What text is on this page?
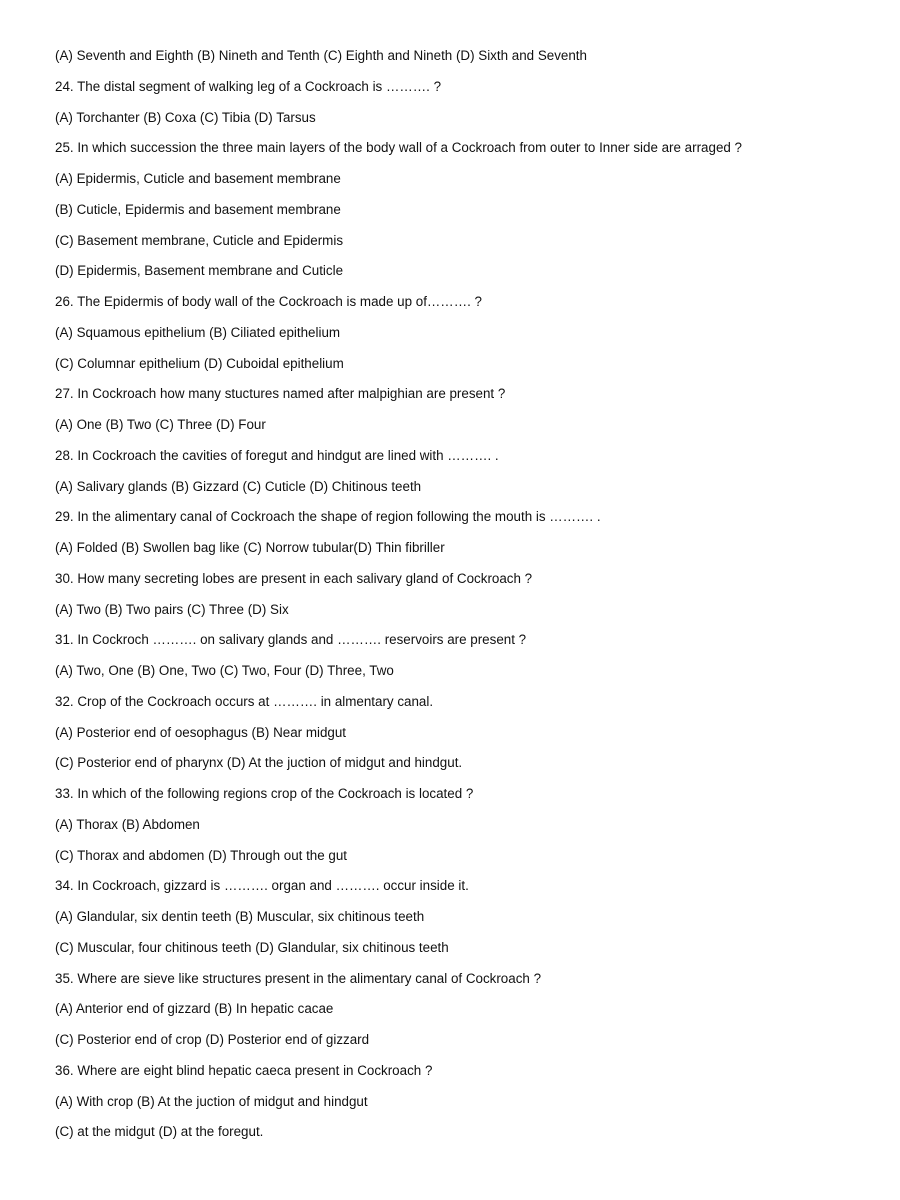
(A) Seventh and Eighth (B) Nineth and Tenth (C) Eighth and Nineth (D) Sixth and Seventh
24. The distal segment of walking leg of a Cockroach is ………. ?
(A) Torchanter (B) Coxa (C) Tibia (D) Tarsus
25. In which succession the three main layers of the body wall of a Cockroach from outer to Inner side are arraged ?
(A) Epidermis, Cuticle and basement membrane
(B) Cuticle, Epidermis and basement membrane
(C) Basement membrane, Cuticle and Epidermis
(D) Epidermis, Basement membrane and Cuticle
26. The Epidermis of body wall of the Cockroach is made up of………. ?
(A) Squamous epithelium (B) Ciliated epithelium
(C) Columnar epithelium (D) Cuboidal epithelium
27. In Cockroach how many stuctures named after malpighian are present ?
(A) One (B) Two (C) Three (D) Four
28. In Cockroach the cavities of foregut and hindgut are lined with ………. .
(A) Salivary glands (B) Gizzard (C) Cuticle (D) Chitinous teeth
29. In the alimentary canal of Cockroach the shape of region following the mouth is ………. .
(A) Folded (B) Swollen bag like (C) Norrow tubular(D) Thin fibriller
30. How many secreting lobes are present in each salivary gland of Cockroach ?
(A) Two (B) Two pairs (C) Three (D) Six
31. In Cockroch ………. on salivary glands and ………. reservoirs are present ?
(A) Two, One (B) One, Two (C) Two, Four (D) Three, Two
32. Crop of the Cockroach occurs at ………. in almentary canal.
(A) Posterior end of oesophagus (B) Near midgut
(C) Posterior end of pharynx (D) At the juction of midgut and hindgut.
33. In which of the following regions crop of the Cockroach is located ?
(A) Thorax (B) Abdomen
(C) Thorax and abdomen (D) Through out the gut
34. In Cockroach, gizzard is ………. organ and ………. occur inside it.
(A) Glandular, six dentin teeth (B) Muscular, six chitinous teeth
(C) Muscular, four chitinous teeth (D) Glandular, six chitinous teeth
35. Where are sieve like structures present in the alimentary canal of Cockroach ?
(A) Anterior end of gizzard (B) In hepatic cacae
(C) Posterior end of crop (D) Posterior end of gizzard
36. Where are eight blind hepatic caeca present in Cockroach ?
(A) With crop (B) At the juction of midgut and hindgut
(C) at the midgut (D) at the foregut.
